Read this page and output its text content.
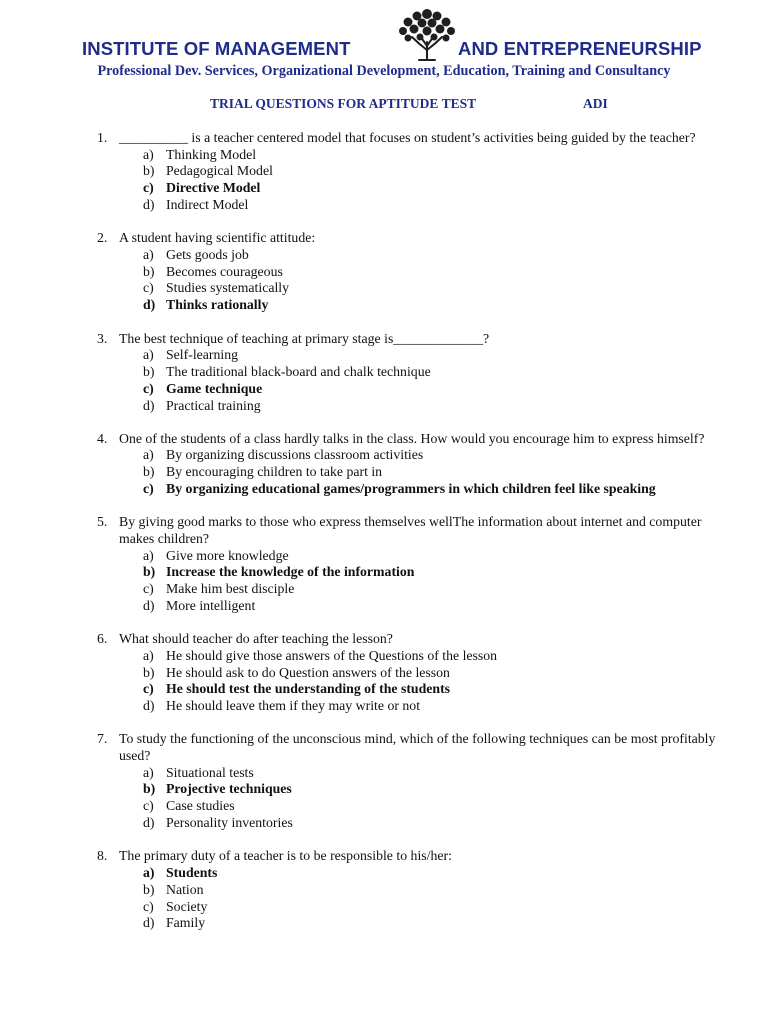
INSTITUTE OF MANAGEMENT	AND ENTREPRENEURSHIP
Professional Dev. Services, Organizational Development, Education, Training and Consultancy
TRIAL QUESTIONS FOR APTITUDE TEST	ADI
1. __________ is a teacher centered model that focuses on student’s activities being guided by the teacher?
a) Thinking Model
b) Pedagogical Model
c) Directive Model
d) Indirect Model
2. A student having scientific attitude:
a) Gets goods job
b) Becomes courageous
c) Studies systematically
d) Thinks rationally
3. The best technique of teaching at primary stage is_____________?
a) Self-learning
b) The traditional black-board and chalk technique
c) Game technique
d) Practical training
4. One of the students of a class hardly talks in the class. How would you encourage him to express himself?
a) By organizing discussions classroom activities
b) By encouraging children to take part in
c) By organizing educational games/programmers in which children feel like speaking
5. By giving good marks to those who express themselves wellThe information about internet and computer makes children?
a) Give more knowledge
b) Increase the knowledge of the information
c) Make him best disciple
d) More intelligent
6. What should teacher do after teaching the lesson?
a) He should give those answers of the Questions of the lesson
b) He should ask to do Question answers of the lesson
c) He should test the understanding of the students
d) He should leave them if they may write or not
7. To study the functioning of the unconscious mind, which of the following techniques can be most profitably used?
a) Situational tests
b) Projective techniques
c) Case studies
d) Personality inventories
8. The primary duty of a teacher is to be responsible to his/her:
a) Students
b) Nation
c) Society
d) Family
